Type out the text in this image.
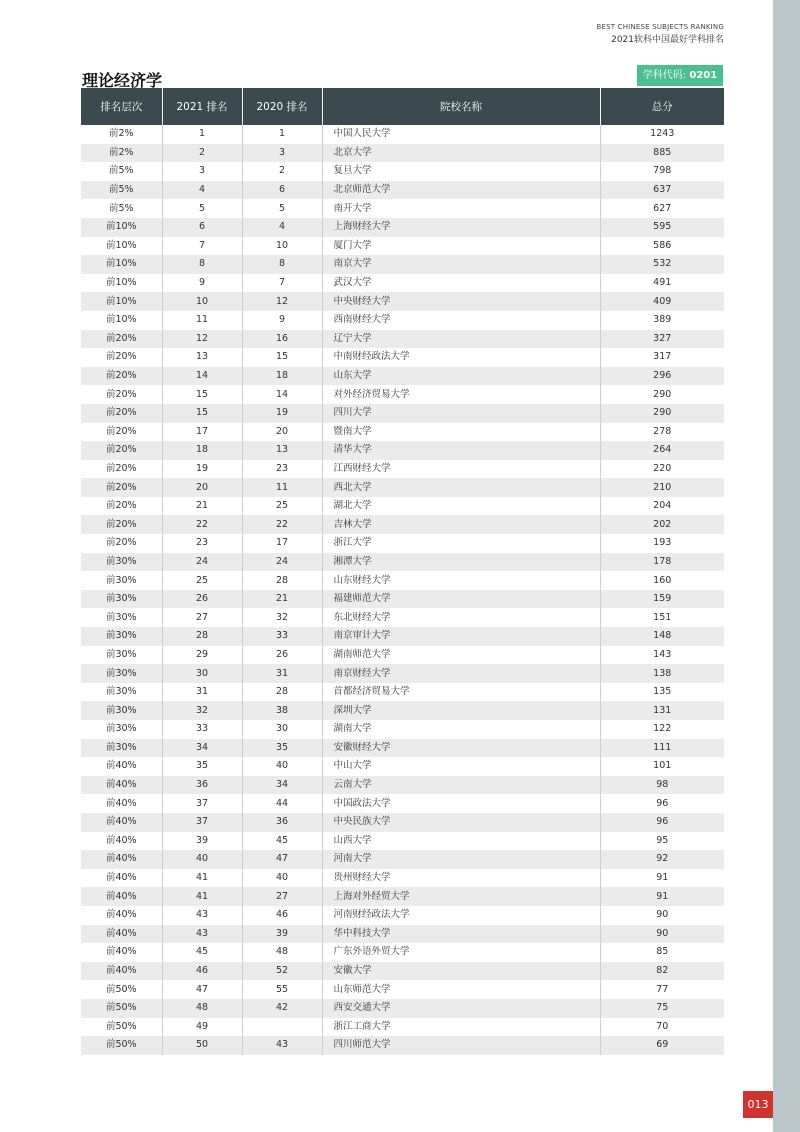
BEST CHINESE SUBJECTS RANKING
2021软科中国最好学科排名
理论经济学	学科代码: 0201
排名层次	2021 排名	2020 排名	院校名称	总分
前2%	1	1	中国人民大学	1243
前2%	2	3	北京大学	885
前5%	3	2	复旦大学	798
前5%	4	6	北京师范大学	637
前5%	5	5	南开大学	627
前10%	6	4	上海财经大学	595
前10%	7	10	厦门大学	586
前10%	8	8	南京大学	532
前10%	9	7	武汉大学	491
前10%	10	12	中央财经大学	409
前10%	11	9	西南财经大学	389
前20%	12	16	辽宁大学	327
前20%	13	15	中南财经政法大学	317
前20%	14	18	山东大学	296
前20%	15	14	对外经济贸易大学	290
前20%	15	19	四川大学	290
前20%	17	20	暨南大学	278
前20%	18	13	清华大学	264
前20%	19	23	江西财经大学	220
前20%	20	11	西北大学	210
前20%	21	25	湖北大学	204
前20%	22	22	吉林大学	202
前20%	23	17	浙江大学	193
前30%	24	24	湘潭大学	178
前30%	25	28	山东财经大学	160
前30%	26	21	福建师范大学	159
前30%	27	32	东北财经大学	151
前30%	28	33	南京审计大学	148
前30%	29	26	湖南师范大学	143
前30%	30	31	南京财经大学	138
前30%	31	28	首都经济贸易大学	135
前30%	32	38	深圳大学	131
前30%	33	30	湖南大学	122
前30%	34	35	安徽财经大学	111
前40%	35	40	中山大学	101
前40%	36	34	云南大学	98
前40%	37	44	中国政法大学	96
前40%	37	36	中央民族大学	96
前40%	39	45	山西大学	95
前40%	40	47	河南大学	92
前40%	41	40	贵州财经大学	91
前40%	41	27	上海对外经贸大学	91
前40%	43	46	河南财经政法大学	90
前40%	43	39	华中科技大学	90
前40%	45	48	广东外语外贸大学	85
前40%	46	52	安徽大学	82
前50%	47	55	山东师范大学	77
前50%	48	42	西安交通大学	75
前50%	49		浙江工商大学	70
前50%	50	43	四川师范大学	69
013
